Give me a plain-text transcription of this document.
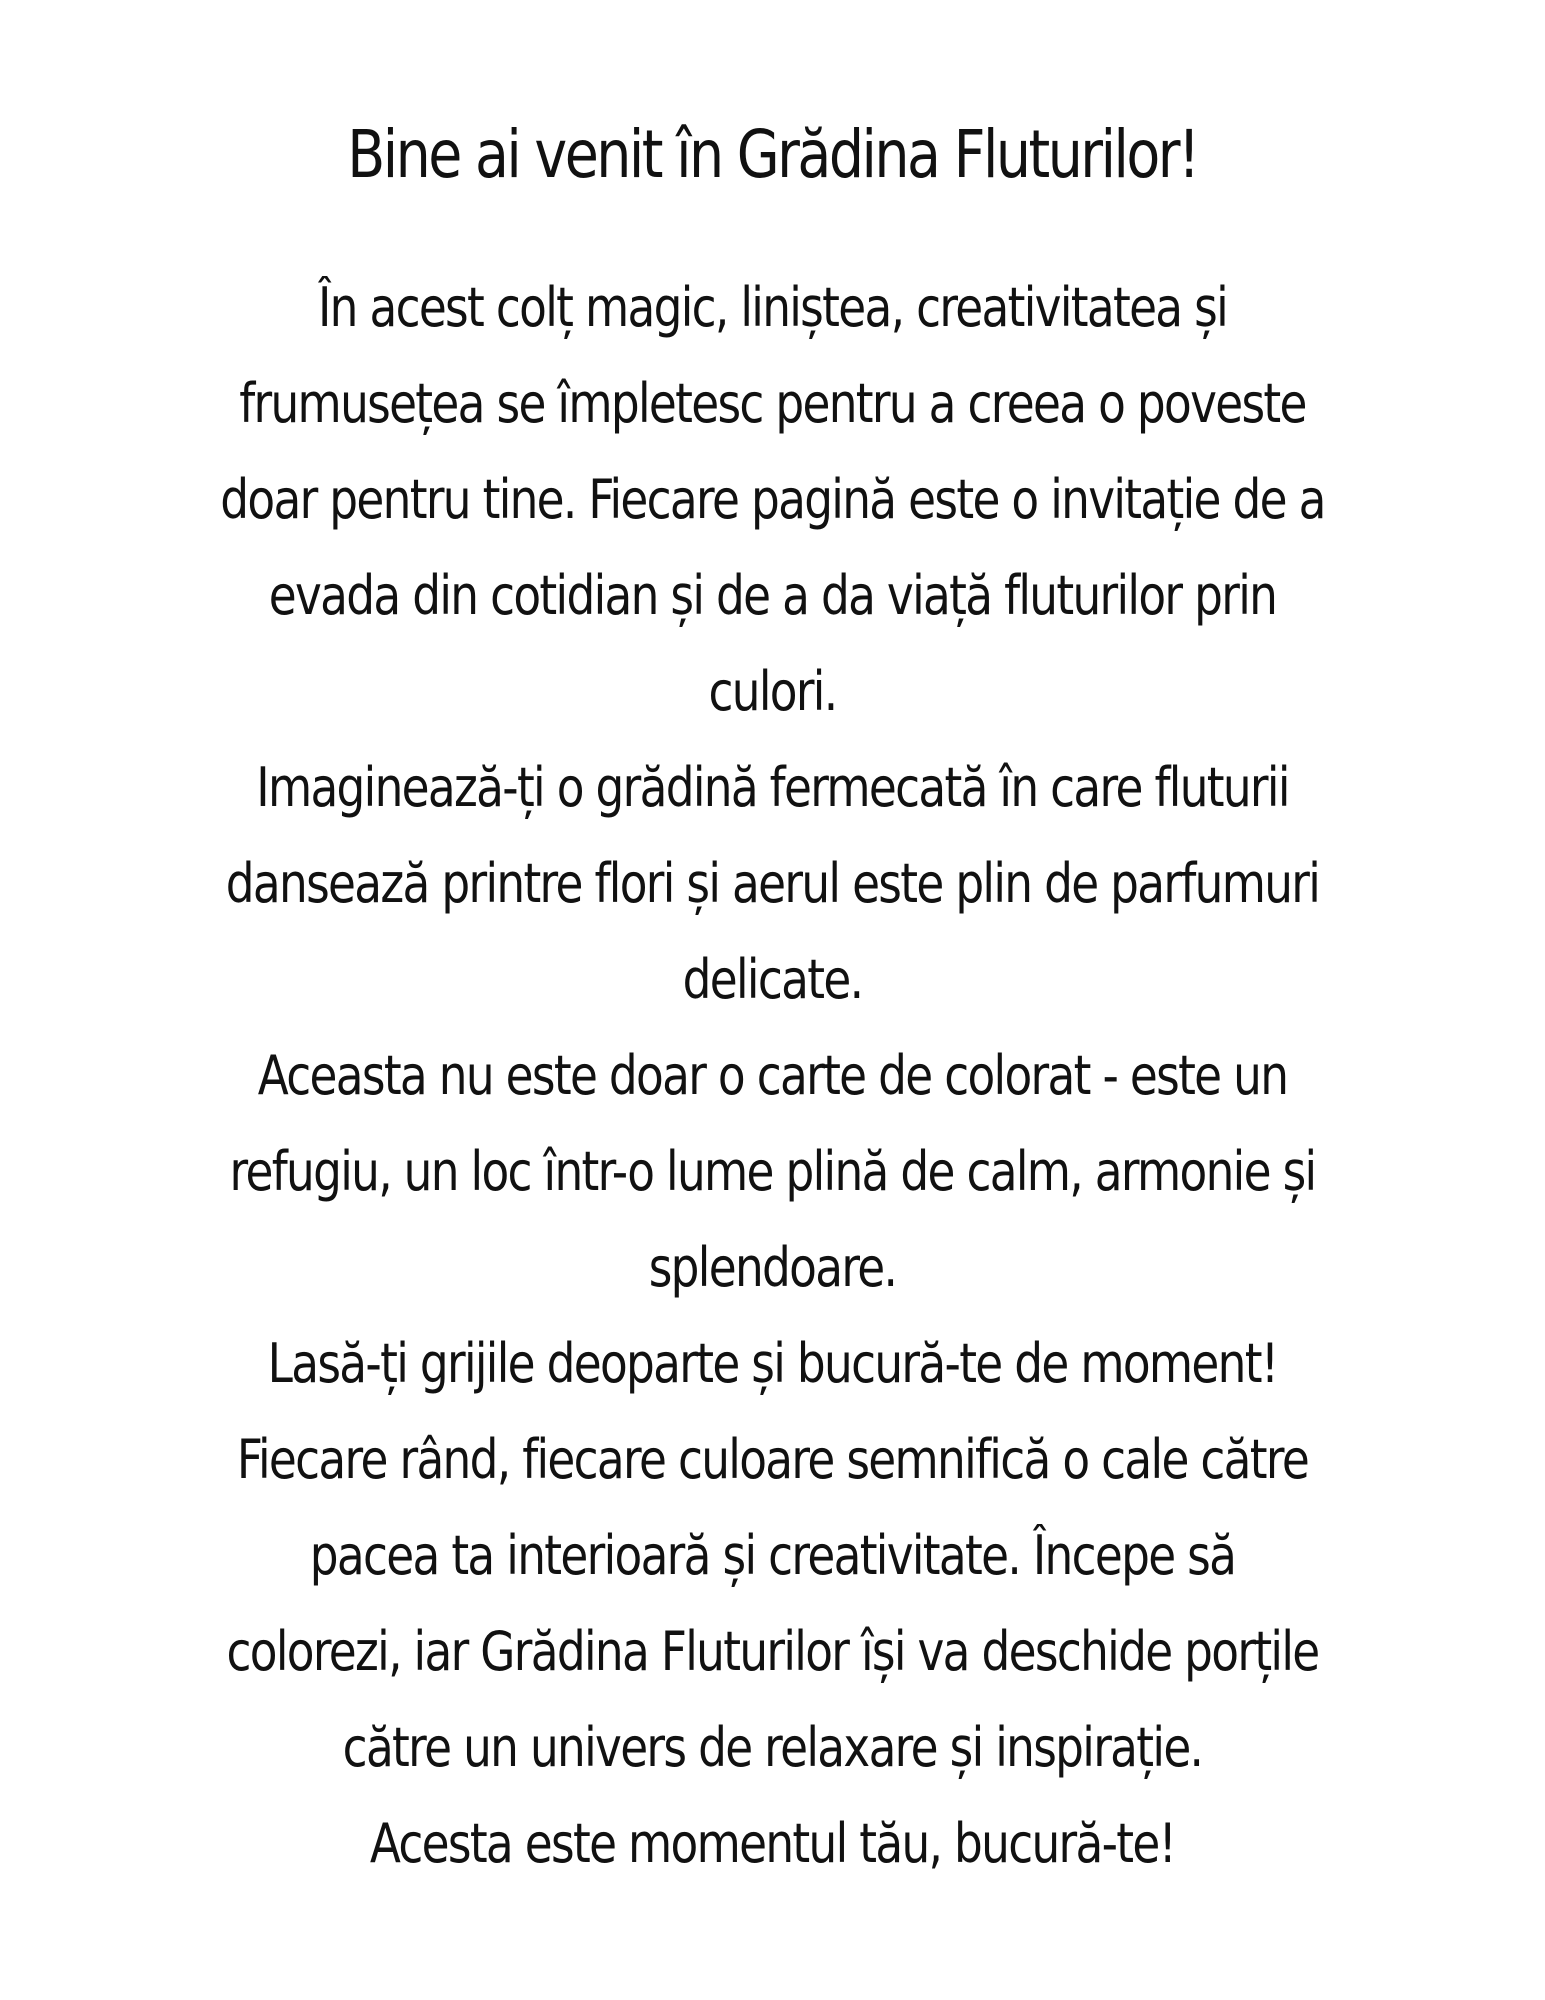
Bine ai venit în Grădina Fluturilor!
În acest colț magic, liniștea, creativitatea și
frumusețea se împletesc pentru a creea o poveste
doar pentru tine. Fiecare pagină este o invitație de a
evada din cotidian și de a da viață fluturilor prin
culori.
Imaginează-ți o grădină fermecată în care fluturii
dansează printre flori și aerul este plin de parfumuri
delicate.
Aceasta nu este doar o carte de colorat - este un
refugiu, un loc într-o lume plină de calm, armonie și
splendoare.
Lasă-ți grijile deoparte și bucură-te de moment!
Fiecare rând, fiecare culoare semnifică o cale către
pacea ta interioară și creativitate. Începe să
colorezi, iar Grădina Fluturilor își va deschide porțile
către un univers de relaxare și inspirație.
Acesta este momentul tău, bucură-te!
